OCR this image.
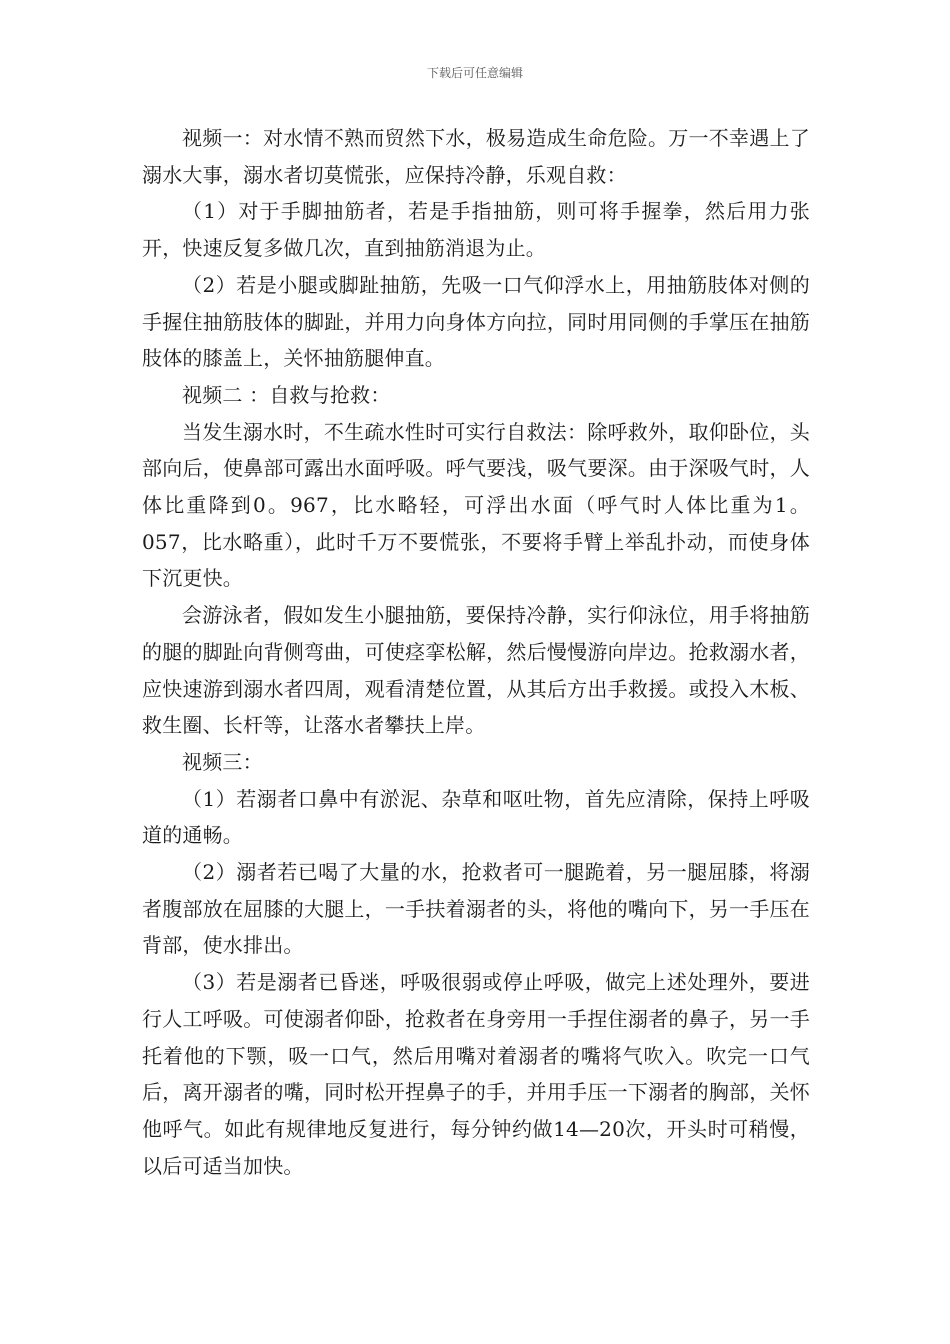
下载后可任意编辑

视频一：对水情不熟而贸然下水，极易造成生命危险。万一不幸遇上了溺水大事，溺水者切莫慌张，应保持冷静，乐观自救：

（1）对于手脚抽筋者，若是手指抽筋，则可将手握拳，然后用力张开，快速反复多做几次，直到抽筋消退为止。

（2）若是小腿或脚趾抽筋，先吸一口气仰浮水上，用抽筋肢体对侧的手握住抽筋肢体的脚趾，并用力向身体方向拉，同时用同侧的手掌压在抽筋肢体的膝盖上，关怀抽筋腿伸直。

视频二 ：自救与抢救：

当发生溺水时，不生疏水性时可实行自救法：除呼救外，取仰卧位，头部向后，使鼻部可露出水面呼吸。呼气要浅，吸气要深。由于深吸气时，人体比重降到0。967，比水略轻，可浮出水面（呼气时人体比重为1。057，比水略重），此时千万不要慌张，不要将手臂上举乱扑动，而使身体下沉更快。

会游泳者，假如发生小腿抽筋，要保持冷静，实行仰泳位，用手将抽筋的腿的脚趾向背侧弯曲，可使痉挛松解，然后慢慢游向岸边。抢救溺水者，应快速游到溺水者四周，观看清楚位置，从其后方出手救援。或投入木板、救生圈、长杆等，让落水者攀扶上岸。

视频三：

（1）若溺者口鼻中有淤泥、杂草和呕吐物，首先应清除，保持上呼吸道的通畅。

（2）溺者若已喝了大量的水，抢救者可一腿跪着，另一腿屈膝，将溺者腹部放在屈膝的大腿上，一手扶着溺者的头，将他的嘴向下，另一手压在背部，使水排出。

（3）若是溺者已昏迷，呼吸很弱或停止呼吸，做完上述处理外，要进行人工呼吸。可使溺者仰卧，抢救者在身旁用一手捏住溺者的鼻子，另一手托着他的下颚，吸一口气，然后用嘴对着溺者的嘴将气吹入。吹完一口气后，离开溺者的嘴，同时松开捏鼻子的手，并用手压一下溺者的胸部，关怀他呼气。如此有规律地反复进行，每分钟约做14—20次，开头时可稍慢，以后可适当加快。
